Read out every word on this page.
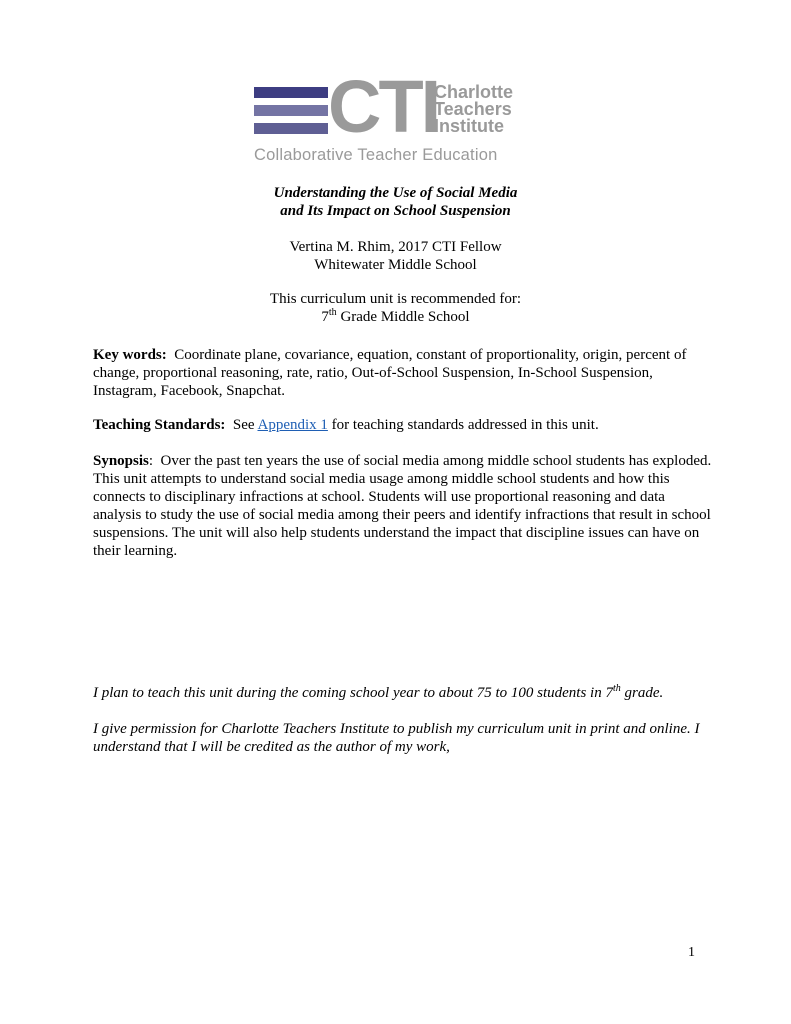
CTI
Charlotte
Teachers
Institute
Collaborative Teacher Education
Understanding the Use of Social Media
and Its Impact on School Suspension
Vertina M. Rhim, 2017 CTI Fellow
Whitewater Middle School
This curriculum unit is recommended for:
7th Grade Middle School
Key words: Coordinate plane, covariance, equation, constant of proportionality, origin, percent of change, proportional reasoning, rate, ratio, Out-of-School Suspension, In-School Suspension, Instagram, Facebook, Snapchat.
Teaching Standards: See Appendix 1 for teaching standards addressed in this unit.
Synopsis: Over the past ten years the use of social media among middle school students has exploded. This unit attempts to understand social media usage among middle school students and how this connects to disciplinary infractions at school. Students will use proportional reasoning and data analysis to study the use of social media among their peers and identify infractions that result in school suspensions. The unit will also help students understand the impact that discipline issues can have on their learning.
I plan to teach this unit during the coming school year to about 75 to 100 students in 7th grade.
I give permission for Charlotte Teachers Institute to publish my curriculum unit in print and online. I understand that I will be credited as the author of my work,
1
